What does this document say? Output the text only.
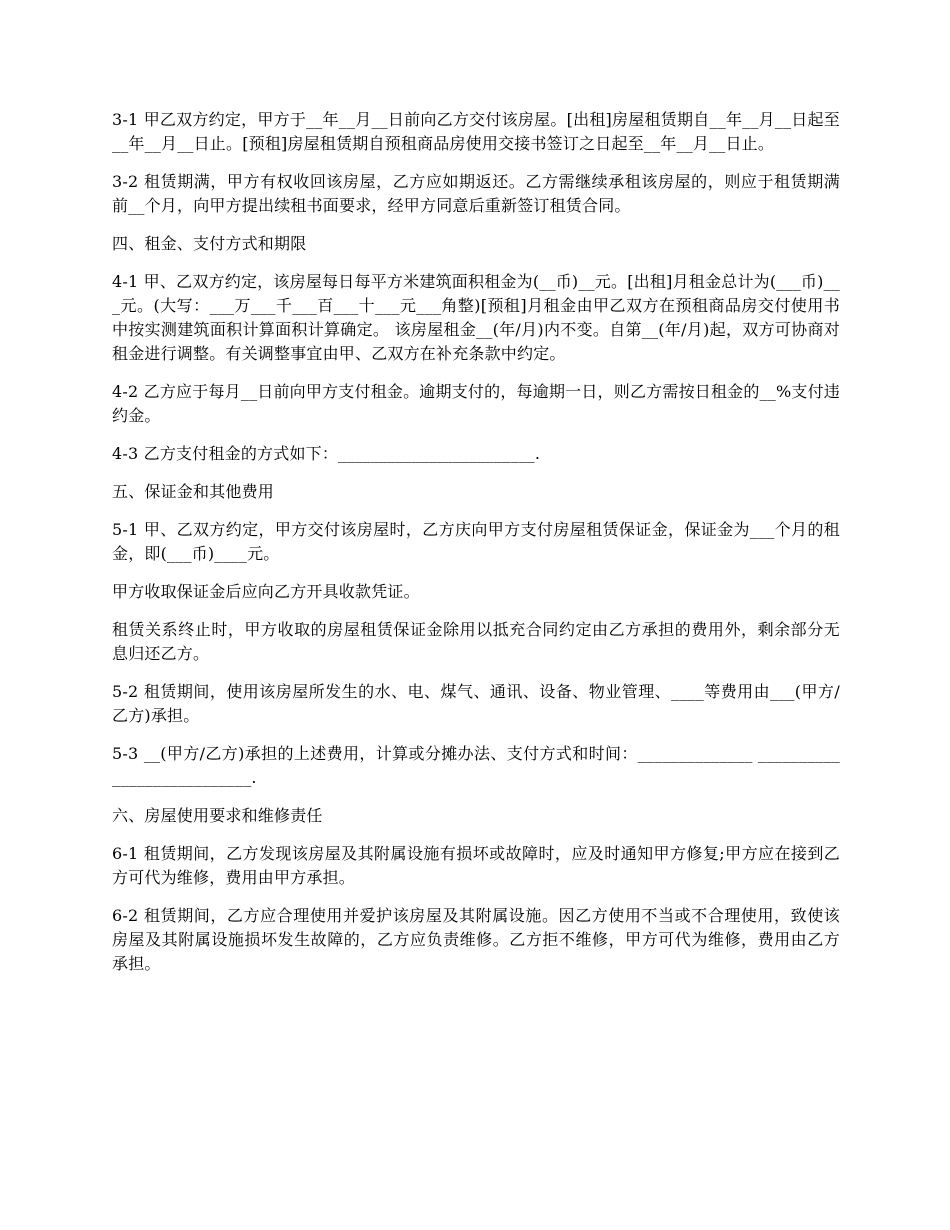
3-1 甲乙双方约定，甲方于__年__月__日前向乙方交付该房屋。[出租]房屋租赁期自__年__月__日起至__年__月__日止。[预租]房屋租赁期自预租商品房使用交接书签订之日起至__年__月__日止。

3-2 租赁期满，甲方有权收回该房屋，乙方应如期返还。乙方需继续承租该房屋的，则应于租赁期满前__个月，向甲方提出续租书面要求，经甲方同意后重新签订租赁合同。

四、租金、支付方式和期限

4-1 甲、乙双方约定，该房屋每日每平方米建筑面积租金为(__币)__元。[出租]月租金总计为(___币)___元。(大写：___万___千___百___十___元___角整)[预租]月租金由甲乙双方在预租商品房交付使用书中按实测建筑面积计算面积计算确定。 该房屋租金__(年/月)内不变。自第__(年/月)起，双方可协商对租金进行调整。有关调整事宜由甲、乙双方在补充条款中约定。

4-2 乙方应于每月__日前向甲方支付租金。逾期支付的，每逾期一日，则乙方需按日租金的__%支付违约金。

4-3 乙方支付租金的方式如下：________________________.

五、保证金和其他费用

5-1 甲、乙双方约定，甲方交付该房屋时，乙方庆向甲方支付房屋租赁保证金，保证金为___个月的租金，即(___币)____元。

甲方收取保证金后应向乙方开具收款凭证。

租赁关系终止时，甲方收取的房屋租赁保证金除用以抵充合同约定由乙方承担的费用外，剩余部分无息归还乙方。

5-2 租赁期间，使用该房屋所发生的水、电、煤气、通讯、设备、物业管理、____等费用由___(甲方/乙方)承担。

5-3 __(甲方/乙方)承担的上述费用，计算或分摊办法、支付方式和时间：______________ ___________________________.

六、房屋使用要求和维修责任

6-1 租赁期间，乙方发现该房屋及其附属设施有损坏或故障时，应及时通知甲方修复;甲方应在接到乙方可代为维修，费用由甲方承担。

6-2 租赁期间，乙方应合理使用并爱护该房屋及其附属设施。因乙方使用不当或不合理使用，致使该房屋及其附属设施损坏发生故障的，乙方应负责维修。乙方拒不维修，甲方可代为维修，费用由乙方承担。
